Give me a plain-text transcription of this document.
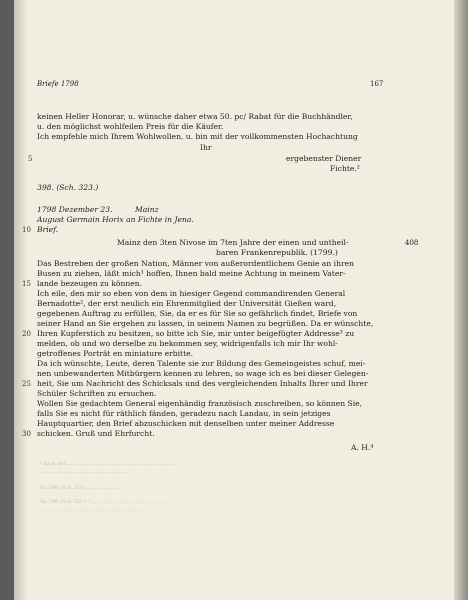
Briefe 1798	167
keinen Heller Honorar, u. wünsche daher etwa 50. pc/ Rabat für die Buchhändler,
u. den möglichst wohlfeilen Preis für die Käufer.
Ich empfehle mich Ihrem Wohlwollen, u. bin mit der vollkommensten Hochachtung
Ihr
5	ergebenster Diener
Fichte.²
398. (Sch. 323.)
1798 Dezember 23.	Mainz
August Germain Horix an Fichte in Jena.
10 Brief.
Mainz den 3ten Nivose im 7ten Jahre der einen und untheil-	408
baren Frankenrepublik. (1799.)
Das Bestreben der großen Nation, Männer von außerordentlichem Genie an ihren
Busen zu ziehen, läßt mich¹ hoffen, Ihnen bald meine Achtung in meinem Vater-
15 lande bezeugen zu können.
Ich eile, den mir so eben von dem in hiesiger Gegend commandirenden General
Bernadotte², der erst neulich ein Ehrenmitglied der Universität Gießen ward,
gegebenen Auftrag zu erfüllen, Sie, da er es für Sie so gefährlich findet, Briefe von
seiner Hand an Sie ergehen zu lassen, in seinem Namen zu begrüßen. Da er wünschte,
20 Ihren Kupferstich zu besitzen, so bitte ich Sie, mir unter beigefügter Addresse³ zu
melden, ob und wo derselbe zu bekommen sey, widrigenfalls ich mir Ihr wohl-
getroffenes Porträt en miniature erbitte.
Da ich wünschte, Leute, deren Talente sie zur Bildung des Gemeingeistes schuf, mei-
nen unbewanderten Mitbürgern kennen zu lehren, so wage ich es bei dieser Gelegen-
25 heit, Sie um Nachricht des Schicksals und des vergleichenden Inhalts Ihrer und Ihrer
Schüler Schriften zu ersuchen.
Wollen Sie gedachtem General eigenhändig französisch zuschreiben, so können Sie,
falls Sie es nicht für räthlich fänden, geradezu nach Landau, in sein jetziges
Hauptquartier, den Brief abzuschicken mit denselben unter meiner Addresse
30 schicken. Gruß und Ehrfurcht.
A. H.⁴
¹ mich: der...........................................................................
...............................................................
Sa. 398. (Sch. 323.) ........................
Sa. 398. (Sch. 323.) ¹ .......................................................
......................................................................
